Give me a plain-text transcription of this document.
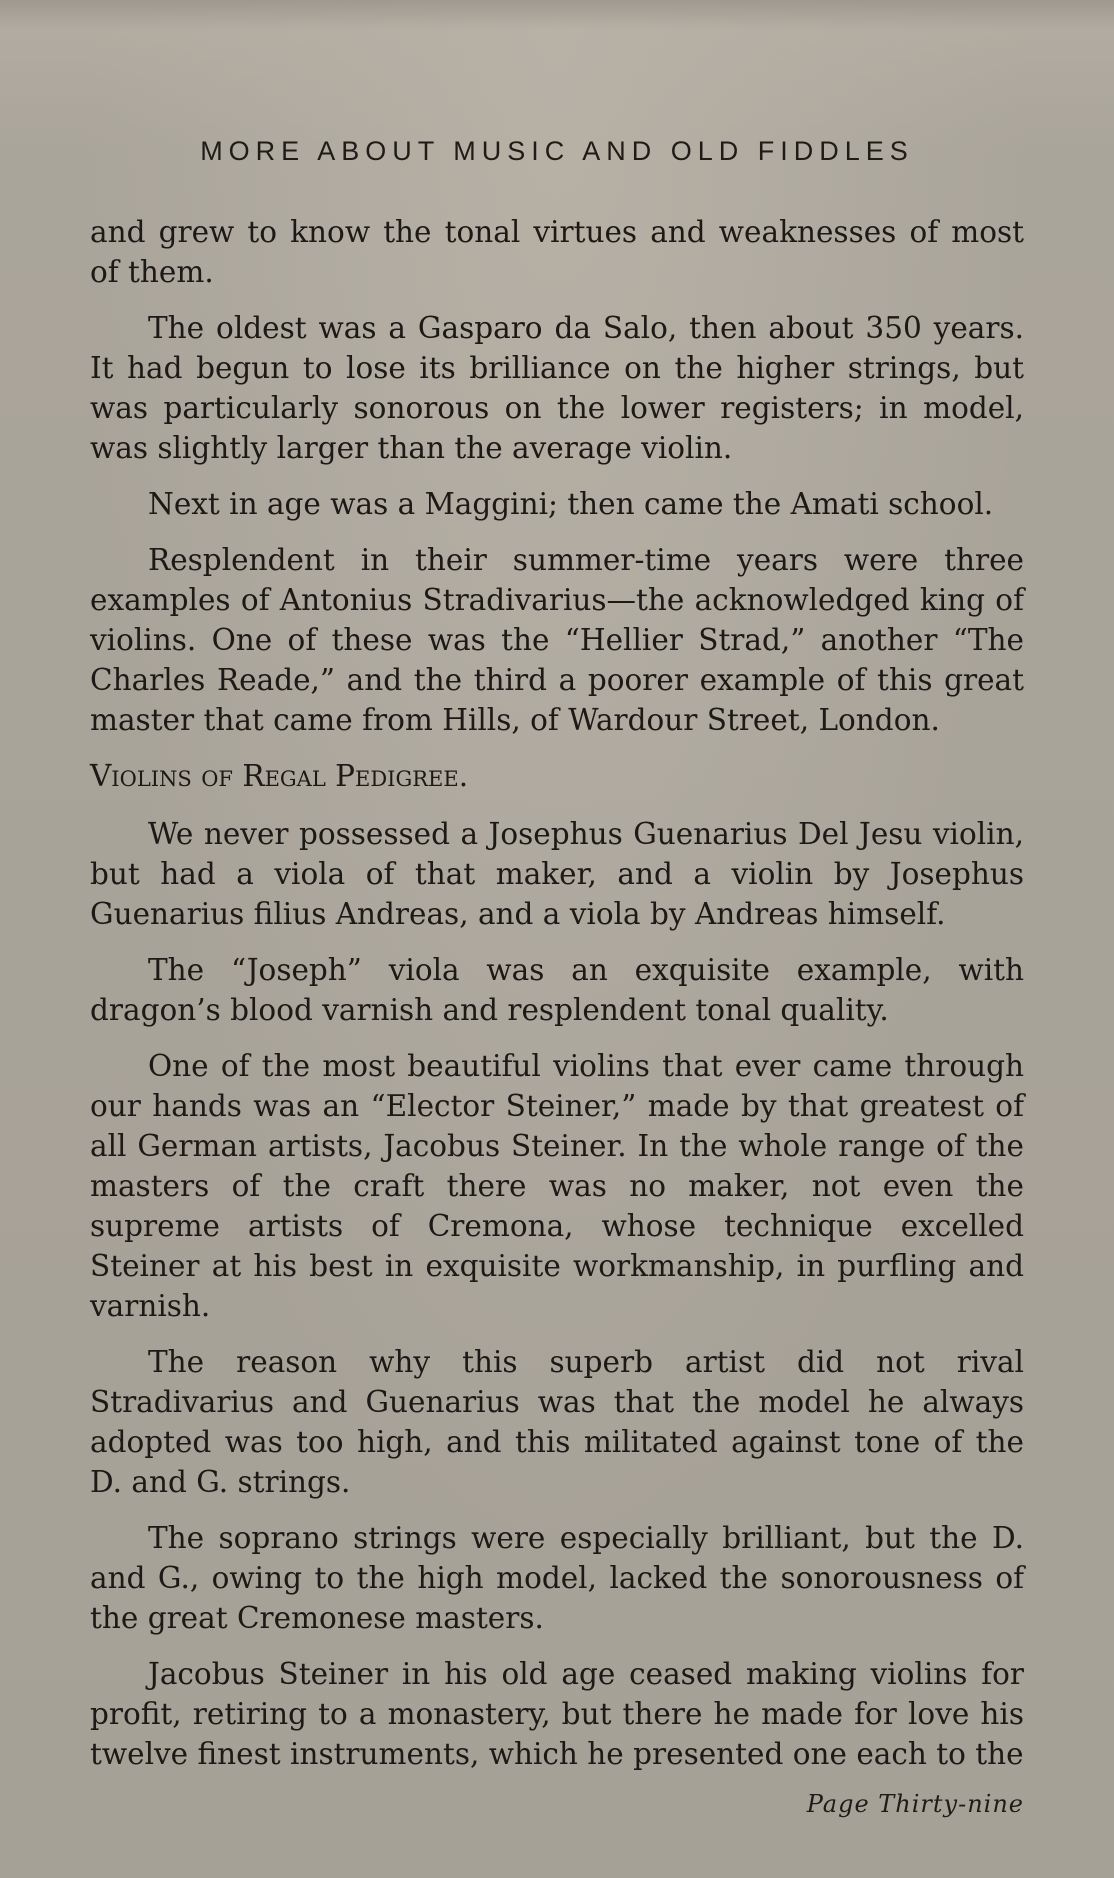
MORE ABOUT MUSIC AND OLD FIDDLES

and grew to know the tonal virtues and weaknesses of most of them.

The oldest was a Gasparo da Salo, then about 350 years. It had begun to lose its brilliance on the higher strings, but was particularly sonorous on the lower registers; in model, was slightly larger than the average violin.

Next in age was a Maggini; then came the Amati school.

Resplendent in their summer-time years were three examples of Antonius Stradivarius—the acknowledged king of violins. One of these was the “Hellier Strad,” another “The Charles Reade,” and the third a poorer example of this great master that came from Hills, of Wardour Street, London.

Violins of Regal Pedigree.

We never possessed a Josephus Guenarius Del Jesu violin, but had a viola of that maker, and a violin by Josephus Guenarius filius Andreas, and a viola by Andreas himself.

The “Joseph” viola was an exquisite example, with dragon’s blood varnish and resplendent tonal quality.

One of the most beautiful violins that ever came through our hands was an “Elector Steiner,” made by that greatest of all German artists, Jacobus Steiner. In the whole range of the masters of the craft there was no maker, not even the supreme artists of Cremona, whose technique excelled Steiner at his best in exquisite workmanship, in purfling and varnish.

The reason why this superb artist did not rival Stradivarius and Guenarius was that the model he always adopted was too high, and this militated against tone of the D. and G. strings.

The soprano strings were especially brilliant, but the D. and G., owing to the high model, lacked the sonorousness of the great Cremonese masters.

Jacobus Steiner in his old age ceased making violins for profit, retiring to a monastery, but there he made for love his twelve finest instruments, which he presented one each to the

Page Thirty-nine
